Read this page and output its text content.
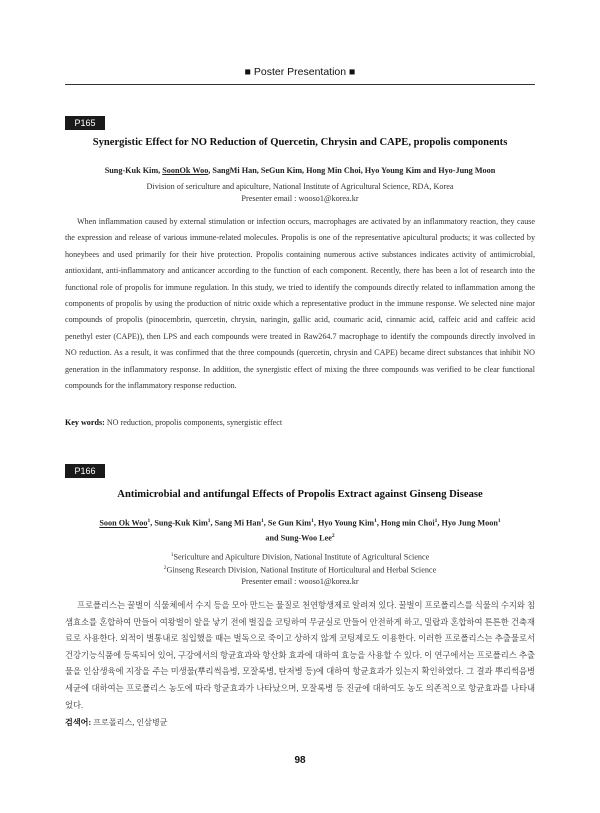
■ Poster Presentation ■
P165
Synergistic Effect for NO Reduction of Quercetin, Chrysin and CAPE, propolis components
Sung-Kuk Kim, SoonOk Woo, SangMi Han, SeGun Kim, Hong Min Choi, Hyo Young Kim and Hyo-Jung Moon
Division of sericulture and apiculture, National Institute of Agricultural Science, RDA, Korea
Presenter email : wooso1@korea.kr

When inflammation caused by external stimulation or infection occurs, macrophages are activated by an inflammatory reaction, they cause the expression and release of various immune-related molecules. Propolis is one of the representative apicultural products; it was collected by honeybees and used primarily for their hive protection. Propolis containing numerous active substances indicates activity of antimicrobial, antioxidant, anti-inflammatory and anticancer according to the function of each component. Recently, there has been a lot of research into the functional role of propolis for immune regulation. In this study, we tried to identify the compounds directly related to inflammation among the components of propolis by using the production of nitric oxide which a representative product in the immune response. We selected nine major compounds of propolis (pinocembrin, quercetin, chrysin, naringin, gallic acid, coumaric acid, cinnamic acid, caffeic acid and caffeic acid penethyl ester (CAPE)), then LPS and each compounds were treated in Raw264.7 macrophage to identify the compounds directly involved in NO reduction. As a result, it was confirmed that the three compounds (quercetin, chrysin and CAPE) became direct substances that inhibit NO generation in the inflammatory response. In addition, the synergistic effect of mixing the three compounds was verified to be clear functional compounds for the inflammatory response reduction.

Key words: NO reduction, propolis components, synergistic effect
P166
Antimicrobial and antifungal Effects of Propolis Extract against Ginseng Disease
Soon Ok Woo$^1$, Sung-Kuk Kim$^1$, Sang Mi Han$^1$, Se Gun Kim$^1$, Hyo Young Kim$^1$, Hong min Choi$^1$, Hyo Jung Moon$^1$
and Sung-Woo Lee$^2$
$^1$Sericulture and Apiculture Division, National Institute of Agricultural Science
$^2$Ginseng Research Division, National Institute of Horticultural and Herbal Science
Presenter email : wooso1@korea.kr

프로폴리스는 꿀벌이 식물체에서 수지 등을 모아 만드는 물질로 천연항생제로 알려져 있다. 꿀벌이 프로폴리스를 식물의 수지와 침샘효소를 혼합하여 만들어 여왕벌이 알을 낳기 전에 벌집을 코팅하여 무균실로 만들어 안전하게 하고, 밀랍과 혼합하여 튼튼한 건축재료로 사용한다. 외적이 벌통내로 침입했을 때는 벌독으로 죽이고 상하지 않게 코팅제로도 이용한다. 이러한 프로폴리스는 추출물로서 건강기능식품에 등록되어 있어, 구강에서의 항균효과와 항산화 효과에 대하여 효능을 사용할 수 있다. 이 연구에서는 프로폴리스 추출물을 인삼생육에 지장을 주는 미생물(뿌리썩음병, 모잘록병, 탄저병 등)에 대하여 항균효과가 있는지 확인하였다. 그 결과 뿌리썩음병세균에 대하여는 프로폴리스 농도에 따라 항균효과가 나타났으며, 모잘록병 등 진균에 대하여도 농도 의존적으로 항균효과를 나타내었다.

검색어: 프로폴리스, 인삼병균
98
